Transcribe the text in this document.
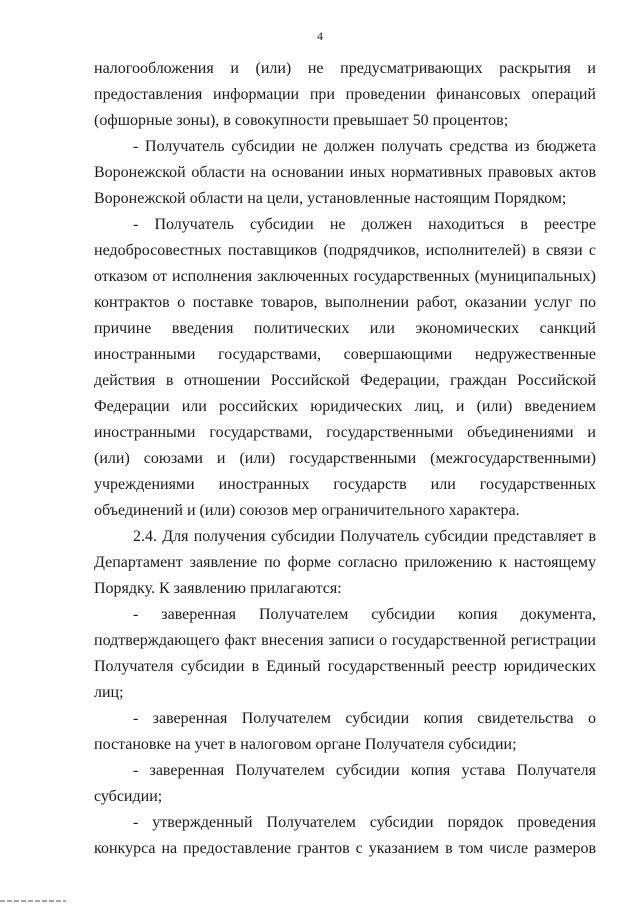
4

налогообложения и (или) не предусматривающих раскрытия и предоставления информации при проведении финансовых операций (офшорные зоны), в совокупности превышает 50 процентов;

- Получатель субсидии не должен получать средства из бюджета Воронежской области на основании иных нормативных правовых актов Воронежской области на цели, установленные настоящим Порядком;

- Получатель субсидии не должен находиться в реестре недобросовестных поставщиков (подрядчиков, исполнителей) в связи с отказом от исполнения заключенных государственных (муниципальных) контрактов о поставке товаров, выполнении работ, оказании услуг по причине введения политических или экономических санкций иностранными государствами, совершающими недружественные действия в отношении Российской Федерации, граждан Российской Федерации или российских юридических лиц, и (или) введением иностранными государствами, государственными объединениями и (или) союзами и (или) государственными (межгосударственными) учреждениями иностранных государств или государственных объединений и (или) союзов мер ограничительного характера.

2.4. Для получения субсидии Получатель субсидии представляет в Департамент заявление по форме согласно приложению к настоящему Порядку. К заявлению прилагаются:

- заверенная Получателем субсидии копия документа, подтверждающего факт внесения записи о государственной регистрации Получателя субсидии в Единый государственный реестр юридических лиц;

- заверенная Получателем субсидии копия свидетельства о постановке на учет в налоговом органе Получателя субсидии;

- заверенная Получателем субсидии копия устава Получателя субсидии;

- утвержденный Получателем субсидии порядок проведения конкурса на предоставление грантов с указанием в том числе размеров
